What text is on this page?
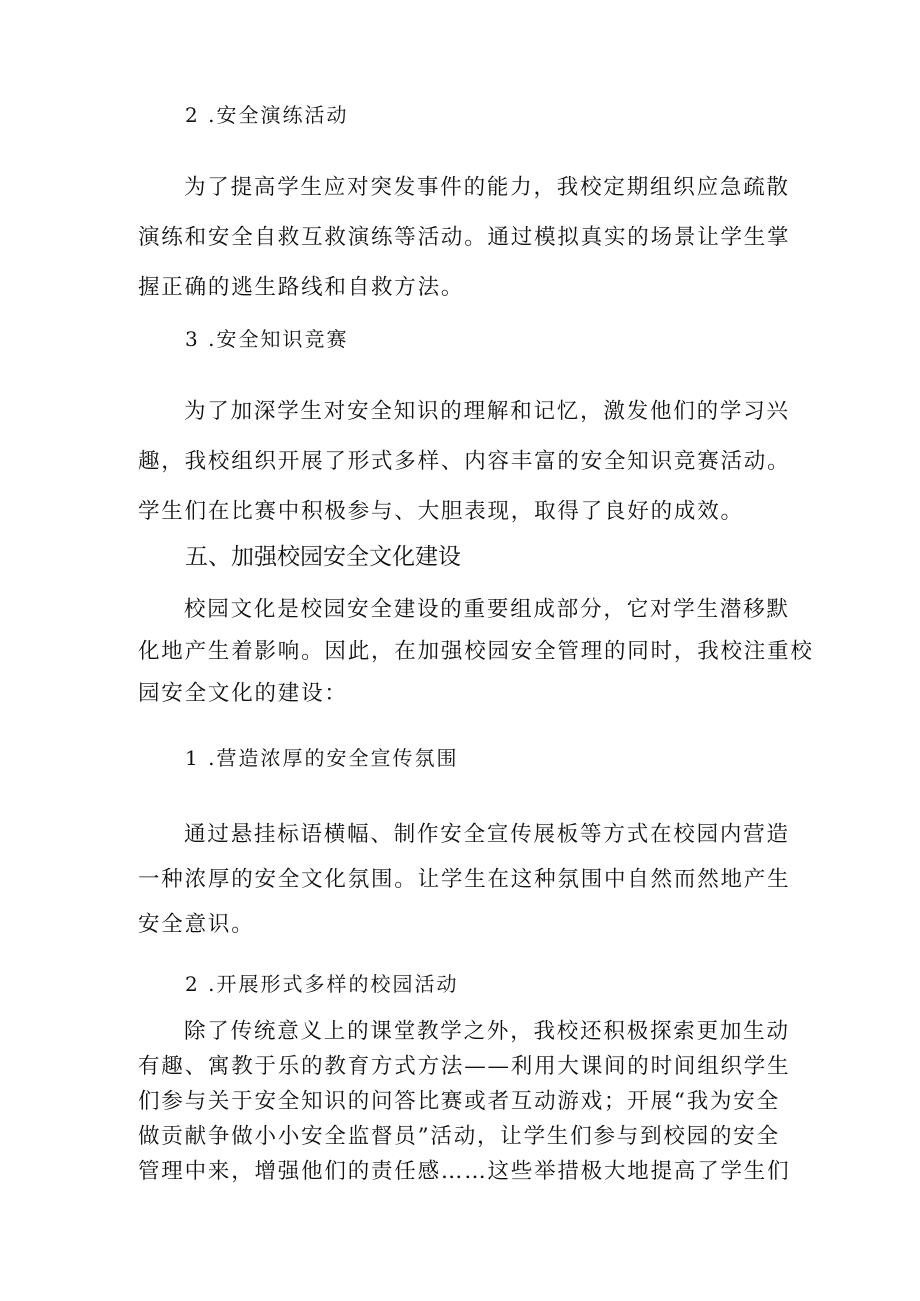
2 .安全演练活动
为了提高学生应对突发事件的能力，我校定期组织应急疏散
演练和安全自救互救演练等活动。通过模拟真实的场景让学生掌
握正确的逃生路线和自救方法。
3 .安全知识竞赛
为了加深学生对安全知识的理解和记忆，激发他们的学习兴
趣，我校组织开展了形式多样、内容丰富的安全知识竞赛活动。
学生们在比赛中积极参与、大胆表现，取得了良好的成效。
五、加强校园安全文化建设
校园文化是校园安全建设的重要组成部分，它对学生潜移默
化地产生着影响。因此，在加强校园安全管理的同时，我校注重校
园安全文化的建设：
1 .营造浓厚的安全宣传氛围
通过悬挂标语横幅、制作安全宣传展板等方式在校园内营造
一种浓厚的安全文化氛围。让学生在这种氛围中自然而然地产生
安全意识。
2 .开展形式多样的校园活动
除了传统意义上的课堂教学之外，我校还积极探索更加生动
有趣、寓教于乐的教育方式方法——利用大课间的时间组织学生
们参与关于安全知识的问答比赛或者互动游戏；开展“我为安全
做贡献争做小小安全监督员”活动，让学生们参与到校园的安全
管理中来，增强他们的责任感……这些举措极大地提高了学生们
